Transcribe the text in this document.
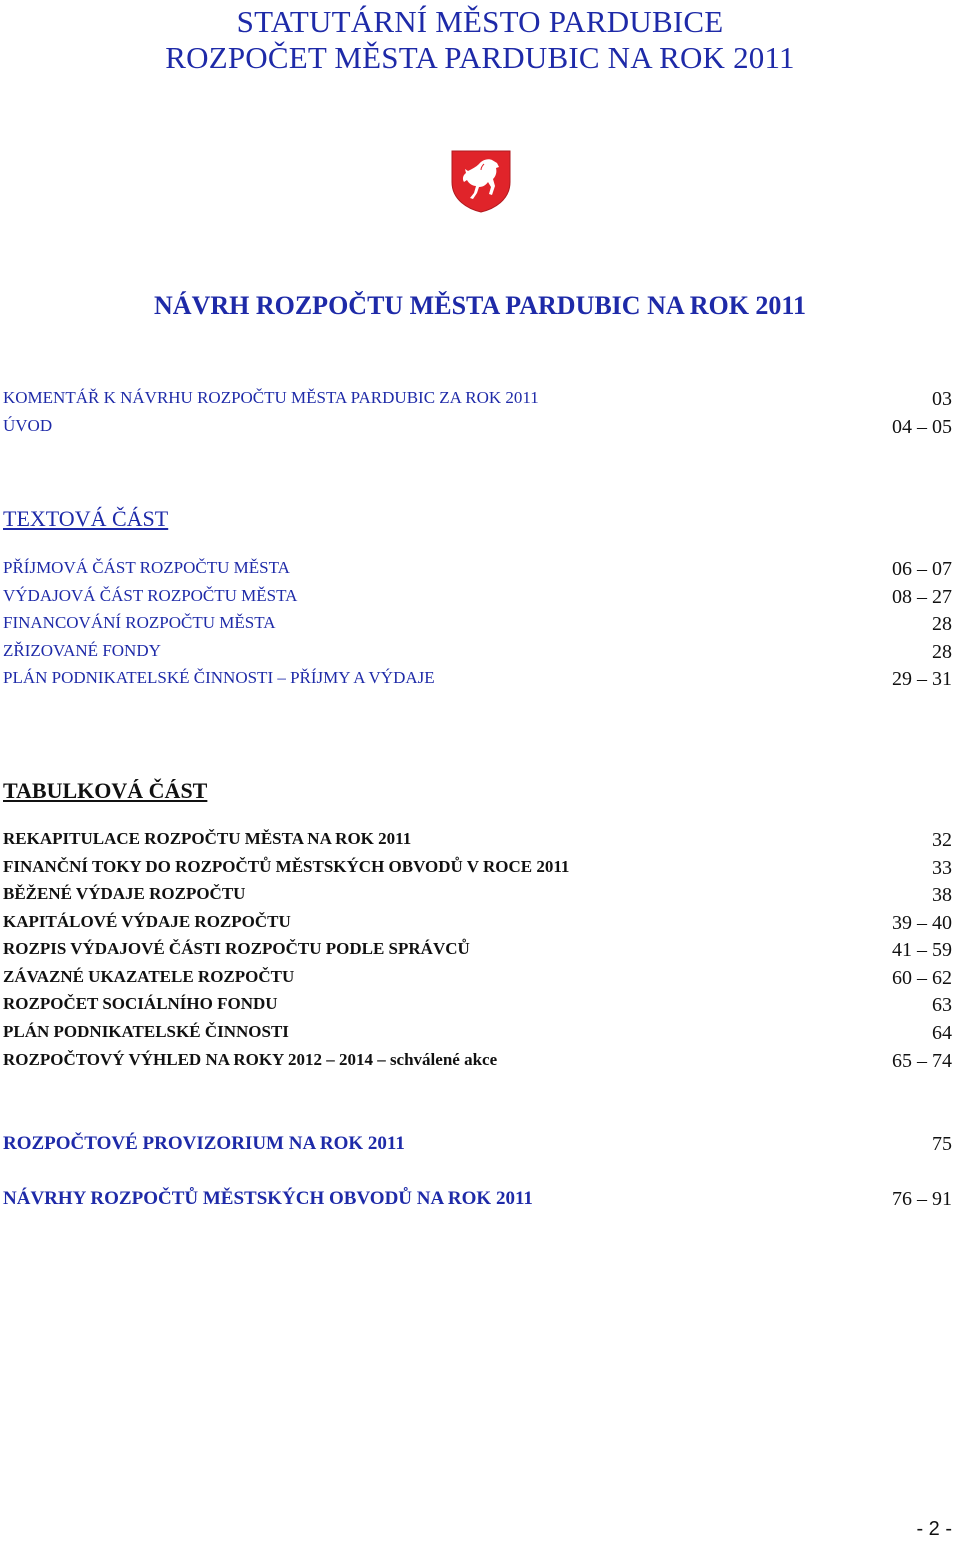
STATUTÁRNÍ MĚSTO PARDUBICE
ROZPOČET MĚSTA PARDUBIC NA ROK 2011
NÁVRH ROZPOČTU MĚSTA PARDUBIC NA ROK 2011
KOMENTÁŘ K NÁVRHU ROZPOČTU MĚSTA PARDUBIC ZA ROK 2011	03
ÚVOD	04 – 05
TEXTOVÁ ČÁST
PŘÍJMOVÁ ČÁST ROZPOČTU MĚSTA	06 – 07
VÝDAJOVÁ ČÁST ROZPOČTU MĚSTA	08 – 27
FINANCOVÁNÍ ROZPOČTU MĚSTA	28
ZŘIZOVANÉ FONDY	28
PLÁN PODNIKATELSKÉ ČINNOSTI – PŘÍJMY A VÝDAJE	29 – 31
TABULKOVÁ ČÁST
REKAPITULACE ROZPOČTU MĚSTA NA ROK 2011	32
FINANČNÍ TOKY DO ROZPOČTŮ MĚSTSKÝCH OBVODŮ V ROCE 2011	33
BĚŽENÉ VÝDAJE ROZPOČTU	38
KAPITÁLOVÉ VÝDAJE ROZPOČTU	39 – 40
ROZPIS VÝDAJOVÉ ČÁSTI ROZPOČTU PODLE SPRÁVCŮ	41 – 59
ZÁVAZNÉ UKAZATELE ROZPOČTU	60 – 62
ROZPOČET SOCIÁLNÍHO FONDU	63
PLÁN PODNIKATELSKÉ ČINNOSTI	64
ROZPOČTOVÝ VÝHLED NA ROKY 2012 – 2014 – schválené akce	65 – 74
ROZPOČTOVÉ PROVIZORIUM NA ROK 2011	75
NÁVRHY ROZPOČTŮ MĚSTSKÝCH OBVODŮ NA ROK 2011	76 – 91
- 2 -
